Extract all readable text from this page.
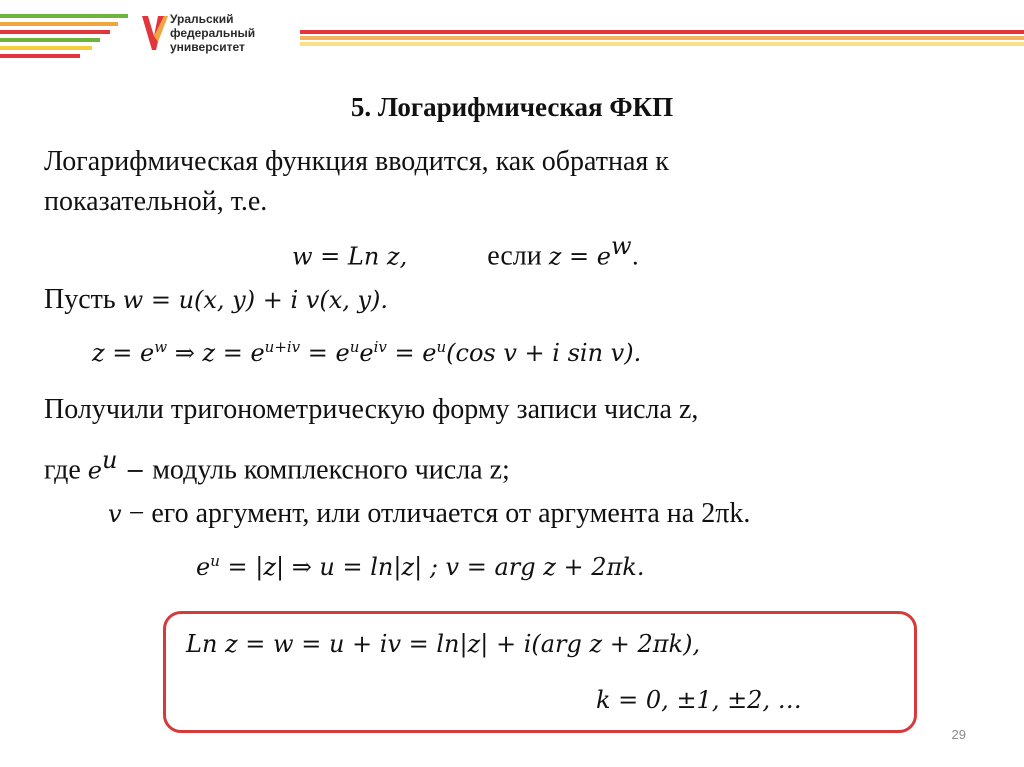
Уральский
федеральный
университет
5. Логарифмическая ФКП
Логарифмическая функция вводится, как обратная к
показательной, т.е.
w = Ln z,	если $z = e^w$.
Пусть w = u(x, y) + i v(x, y).
$z = e^w$ ⇒ $z = e^{u+iv} = e^ue^{iv} = e^u(\cos$ v + i sin v).
Получили тригонометрическую форму записи числа z,
где $e^u$ − модуль комплексного числа z;
v − его аргумент, или отличается от аргумента на 2πk.
$e^u = |z|$ ⇒ u = ln|z| ; v = arg z + 2πk.
Ln z = w = u + iv = ln|z| + i(arg z + 2πk),
k = 0, ±1, ±2, …
29
